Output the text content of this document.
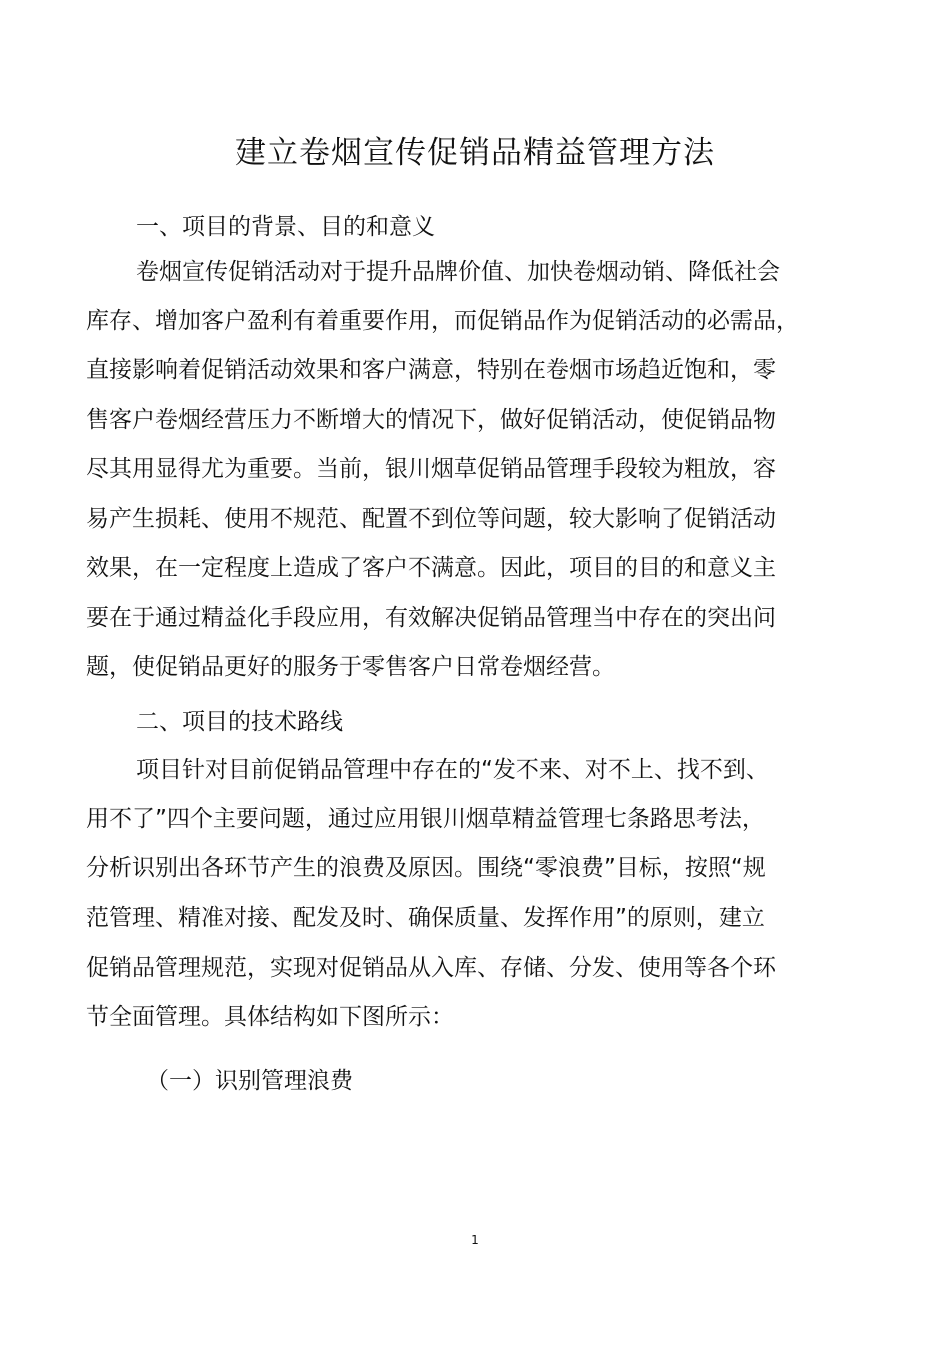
建立卷烟宣传促销品精益管理方法
一、项目的背景、目的和意义
卷烟宣传促销活动对于提升品牌价值、加快卷烟动销、降低社会
库存、增加客户盈利有着重要作用，而促销品作为促销活动的必需品，
直接影响着促销活动效果和客户满意，特别在卷烟市场趋近饱和，零
售客户卷烟经营压力不断增大的情况下，做好促销活动，使促销品物
尽其用显得尤为重要。当前，银川烟草促销品管理手段较为粗放，容
易产生损耗、使用不规范、配置不到位等问题，较大影响了促销活动
效果，在一定程度上造成了客户不满意。因此，项目的目的和意义主
要在于通过精益化手段应用，有效解决促销品管理当中存在的突出问
题，使促销品更好的服务于零售客户日常卷烟经营。
二、项目的技术路线
项目针对目前促销品管理中存在的“发不来、对不上、找不到、
用不了”四个主要问题，通过应用银川烟草精益管理七条路思考法，
分析识别出各环节产生的浪费及原因。围绕“零浪费”目标，按照“规
范管理、精准对接、配发及时、确保质量、发挥作用”的原则，建立
促销品管理规范，实现对促销品从入库、存储、分发、使用等各个环
节全面管理。具体结构如下图所示：
（一）识别管理浪费
1
